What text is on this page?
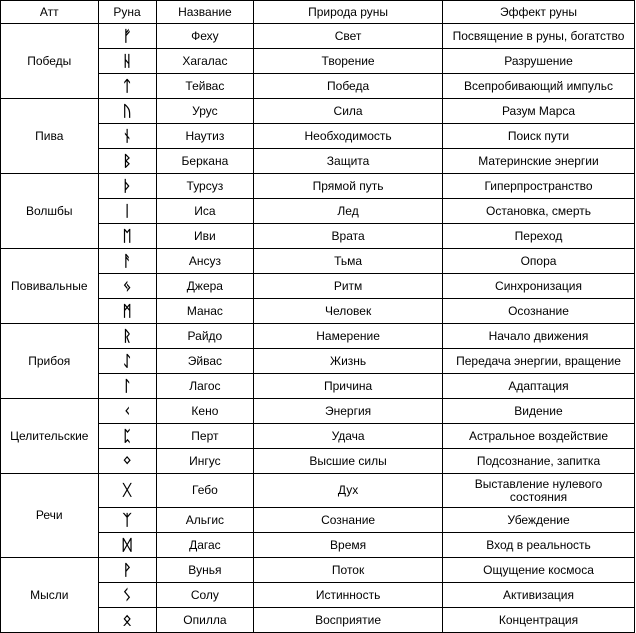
Атт	Руна	Название	Природа руны	Эффект руны
Победы	ᚠ	Феху	Свет	Посвящение в руны, богатство
	ᚺ	Хагалас	Творение	Разрушение
	ᛏ	Тейвас	Победа	Всепробивающий импульс
Пива	ᚢ	Урус	Сила	Разум Марса
	ᚾ	Наутиз	Необходимость	Поиск пути
	ᛒ	Беркана	Защита	Материнские энергии
Волшбы	ᚦ	Турсуз	Прямой путь	Гиперпространство
	ᛁ	Иса	Лед	Остановка, смерть
	ᛖ	Иви	Врата	Переход
Повивальные	ᚨ	Ансуз	Тьма	Опора
	ᛃ	Джера	Ритм	Синхронизация
	ᛗ	Манас	Человек	Осознание
Прибоя	ᚱ	Райдо	Намерение	Начало движения
	ᛇ	Эйвас	Жизнь	Передача энергии, вращение
	ᛚ	Лагос	Причина	Адаптация
Целительские	ᚲ	Кено	Энергия	Видение
	ᛈ	Перт	Удача	Астральное воздействие
	ᛜ	Ингус	Высшие силы	Подсознание, запитка
Речи	ᚷ	Гебо	Дух	Выставление нулевого состояния
	ᛉ	Альгис	Сознание	Убеждение
	ᛞ	Дагас	Время	Вход в реальность
Мысли	ᚹ	Вунья	Поток	Ощущение космоса
	ᛊ	Солу	Истинность	Активизация
	ᛟ	Опилла	Восприятие	Концентрация
